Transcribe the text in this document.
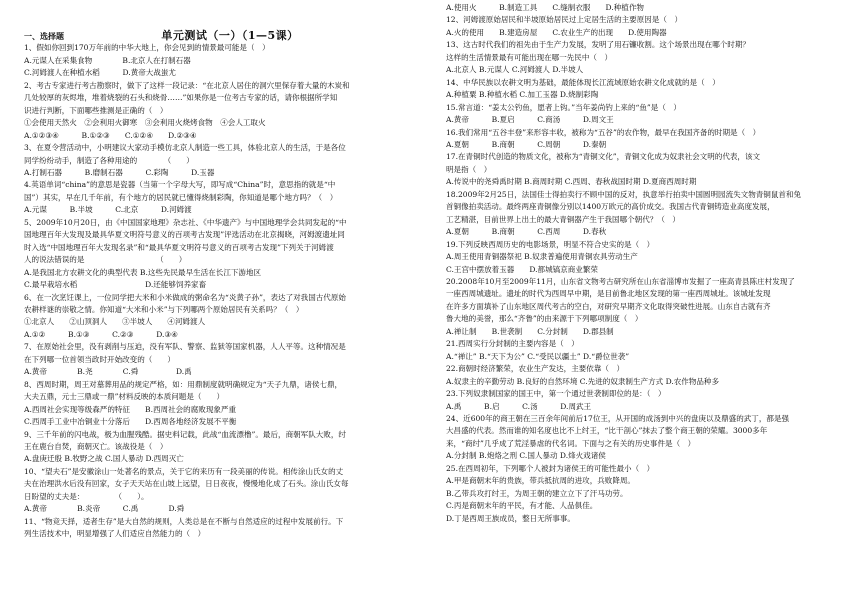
单元测试（一）（1—5课）
一、选择题
1、假如你回到170万年前的中华大地上，你会见到的情景最可能是（　）
A.元谋人在采集食物　　　　B.北京人在打制石器
C.河姆渡人在种植水稻　　　D.黄帝大战蚩尤
2、考古专家进行考古勘察时，做下了这样一段记录：“在北京人居住的洞穴里保存着大量的木炭和
几处较厚的灰烬堆，堆着烧裂的石头和烧骨……”如果你是一位考古专家的话，请你根据所学知
识进行判断，下面哪些推测是正确的（　）
①会使用天然火　②会利用火御寒　③会利用火烧烤食物　④会人工取火
A.①②③④　　　B.①②③　　C.①②④　　D.②③④
3、在夏令营活动中，小明建议大家动手模仿北京人制造一些工具，体验北京人的生活，于是各位
同学纷纷动手，制造了各种用途的　　　　（　　）
A.打制石器　　　B.磨制石器　　　C.彩陶　　　D.玉器
4.英语单词“china”的意思是瓷器（当第一个字母大写，即写成“China”时，意思指的就是“中
国”）其实，早在几千年前，有个地方的居民就已懂得烧制彩陶，你知道是哪个地方吗？（　）
A.元谋　　　B.半坡　　　C.北京　　　D.河姆渡
5、2009年10月20日，由《中国国家地理》杂志社、《中华遗产》与中国地理学会共同发起的“中
国地理百年大发现及最具华夏文明符号意义的百项考古发现”评选活动在北京揭晓，河姆渡遗址同
时入选“中国地理百年大发现名录”和“最具华夏文明符号意义的百项考古发现”下列关于河姆渡
人的说法错误的是　　　　　　　　　　（　　）
A.是我国北方农耕文化的典型代表 B.这些先民最早生活在长江下游地区
C.最早栽培水稻　　　　　　　　　D.还能够饲养家畜
6、在一次烹饪课上，一位同学把大米和小米做成的粥命名为“炎黄子孙”，表达了对我国古代原始
农耕样谜的崇敬之情。你知道“大米和小米”与下列哪两个原始居民有关系吗？（　）
①北京人　　②山顶洞人　　③半坡人　　④河姆渡人
A.①②　　　B.①③　　　C.②③　　　D.③④
7、在原始社会里，没有剥削与压迫，没有军队、警察、监狱等国家机器，人人平等。这种情况是
在下列哪一位首领当政时开始改变的（　　）
A.黄帝　　　　B.尧　　　　C.舜　　　　　D.禹
8、西周时期，周王对墓葬用品的规定严格，如：用鼎制度就明确规定为“天子九鼎，诸侯七鼎，
大夫五鼎，元士三鼎或一鼎”材料反映的本质问题是（　　）
A.西周社会实现等级森严的特征　　B.西周社会的腐败现象严重
C.西周手工业中冶铜业十分落后　　D.西周各地经济发展不平衡
9、三千年前的闪电战，极为血腥残酷。据史料记载，此战“血流漂橹”。最后，商朝军队大败，纣
王在鹿台自焚，商朝灭亡。该战役是（　）
A.盘庚迁殷 B.牧野之战 C.国人暴动 D.西周灭亡
10、“望夫石”是安徽涂山一处著名的景点，关于它的来历有一段美丽的传说。相传涂山氏女的丈
夫在治理洪水后没有回家，女子天天站在山坡上远望，日日夜夜，慢慢地化成了石头。涂山氏女每
日盼望的丈夫是：　　　　　（　　）。
A.黄帝　　　　B.炎帝　　　C.禹　　　　D.舜
11、“物竞天择，适者生存”是大自然的规则，人类总是在不断与自然适应的过程中发展前行。下
列生活技术中，明显增强了人们适应自然能力的（　）
A.使用火　　　B.制造工具　　C.缝制衣服　　D.种植作物
12、河姆渡原始居民和半坡原始居民过上定居生活的主要原因是（　）
A.火的使用　　B.建造房屋　　C.农业生产的出现　　D.使用陶器
13、这古时代我们的祖先由于生产力发展，发明了用石镰收割。这个场景出现在哪个时期？
这样的生活情景最有可能出现在哪一先民中（　）
A.北京人 B.元谋人 C.河姆渡人 D.半坡人
14、中华民族以农耕文明为基础，最能体现长江流域原始农耕文化成就的是（　）
A.种植粟 B.种植水稻 C.加工玉器 D.烧制彩陶
15.常言道：“姜太公钓鱼，愿者上钩。”当年姜尚钓上来的“鱼”是（　）
A.黄帝　　　B.夏启　　　C.商汤　　　D.周文王
16.我们常用“五谷丰登”来形容丰收，被称为“五谷”的农作物，最早在我国齐备的时期是（　）
A.夏朝　　　B.商朝　　　C.周朝　　　D.秦朝
17.在青铜时代创造的物质文化，被称为“青铜文化”，青铜文化成为奴隶社会文明的代表，该文
明是指（　）
A.传说中的尧舜禹时期 B.商周时期 C.西周、春秋战国时期 D.夏商西周时期
18.2009年2月25日，法国佳士得拍卖行不顾中国的反对，执意举行拍卖中国圆明园流失文物青铜鼠首和兔
首铜像拍卖活动。最终两座青铜像分别以1400万欧元的高价成交。我国古代青铜铸造业高度发展，
工艺精湛，目前世界上出土的最大青铜器产生于我国哪个朝代？（　）
A.夏朝　　　B.商朝　　　C.西周　　　D.春秋
19.下列反映西周历史的电影场景，明显不符合史实的是（　）
A.周王使用青铜器祭祀 B.奴隶普遍使用青铜农具劳动生产
C.王宫中摆放着玉器　　D.都城镐京商业繁荣
20.2008年10月至2009年11月，山东省文物考古研究所在山东省淄博市发掘了一座高青县陈庄村发现了
一座西周城遗址。遗址的时代为西周早中期，是目前鲁北地区发现的第一座西周城址。该城址发现
在许多方面填补了山东地区周代考古的空白，对研究早期齐文化取得突破性进展。山东自古就有齐
鲁大地的美誉，那么“齐鲁”的由来源于下列哪项制度（　）
A.禅让制　　B.世袭制　　C.分封制　　D.郡县制
21.西周实行分封制的主要内容是（　）
A.“禅让” B.“天下为公” C.“受民以疆土” D.“爵位世袭”
22.商朝时经济繁荣，农业生产发达，主要依靠（　）
A.奴隶主的辛勤劳动 B.良好的自然环境 C.先进的奴隶制生产方式 D.农作物品种多
23.下列奴隶制国家的国王中，第一个通过世袭制即位的是：（　）
A.禹　　　B.启　　　C.汤　　　D.周武王
24、近600年的商王朝在三百余年间前后17位王，从开国的成汤到中兴的盘庚以及鼎盛的武丁，都是强
大昌盛的代表。然而谁的知名度也比不上纣王，“比干剖心”抹去了整个商王朝的荣耀。3000多年
来，“商纣”几乎成了荒淫暴虐的代名词。下面与之有关的历史事件是（　）
A.分封制 B.炮烙之刑 C.国人暴动 D.烽火戏诸侯
25.在西周初年，下列哪个人被封为诸侯王的可能性最小（　）
A.甲是商朝末年的贵族，带兵抵抗周的进攻，兵败降周。
B.乙带兵攻打纣王，为周王朝的建立立下了汗马功劳。
C.丙是商朝末年的平民，有才能、人品俱佳。
D.丁是西周王族成员，整日无所事事。
